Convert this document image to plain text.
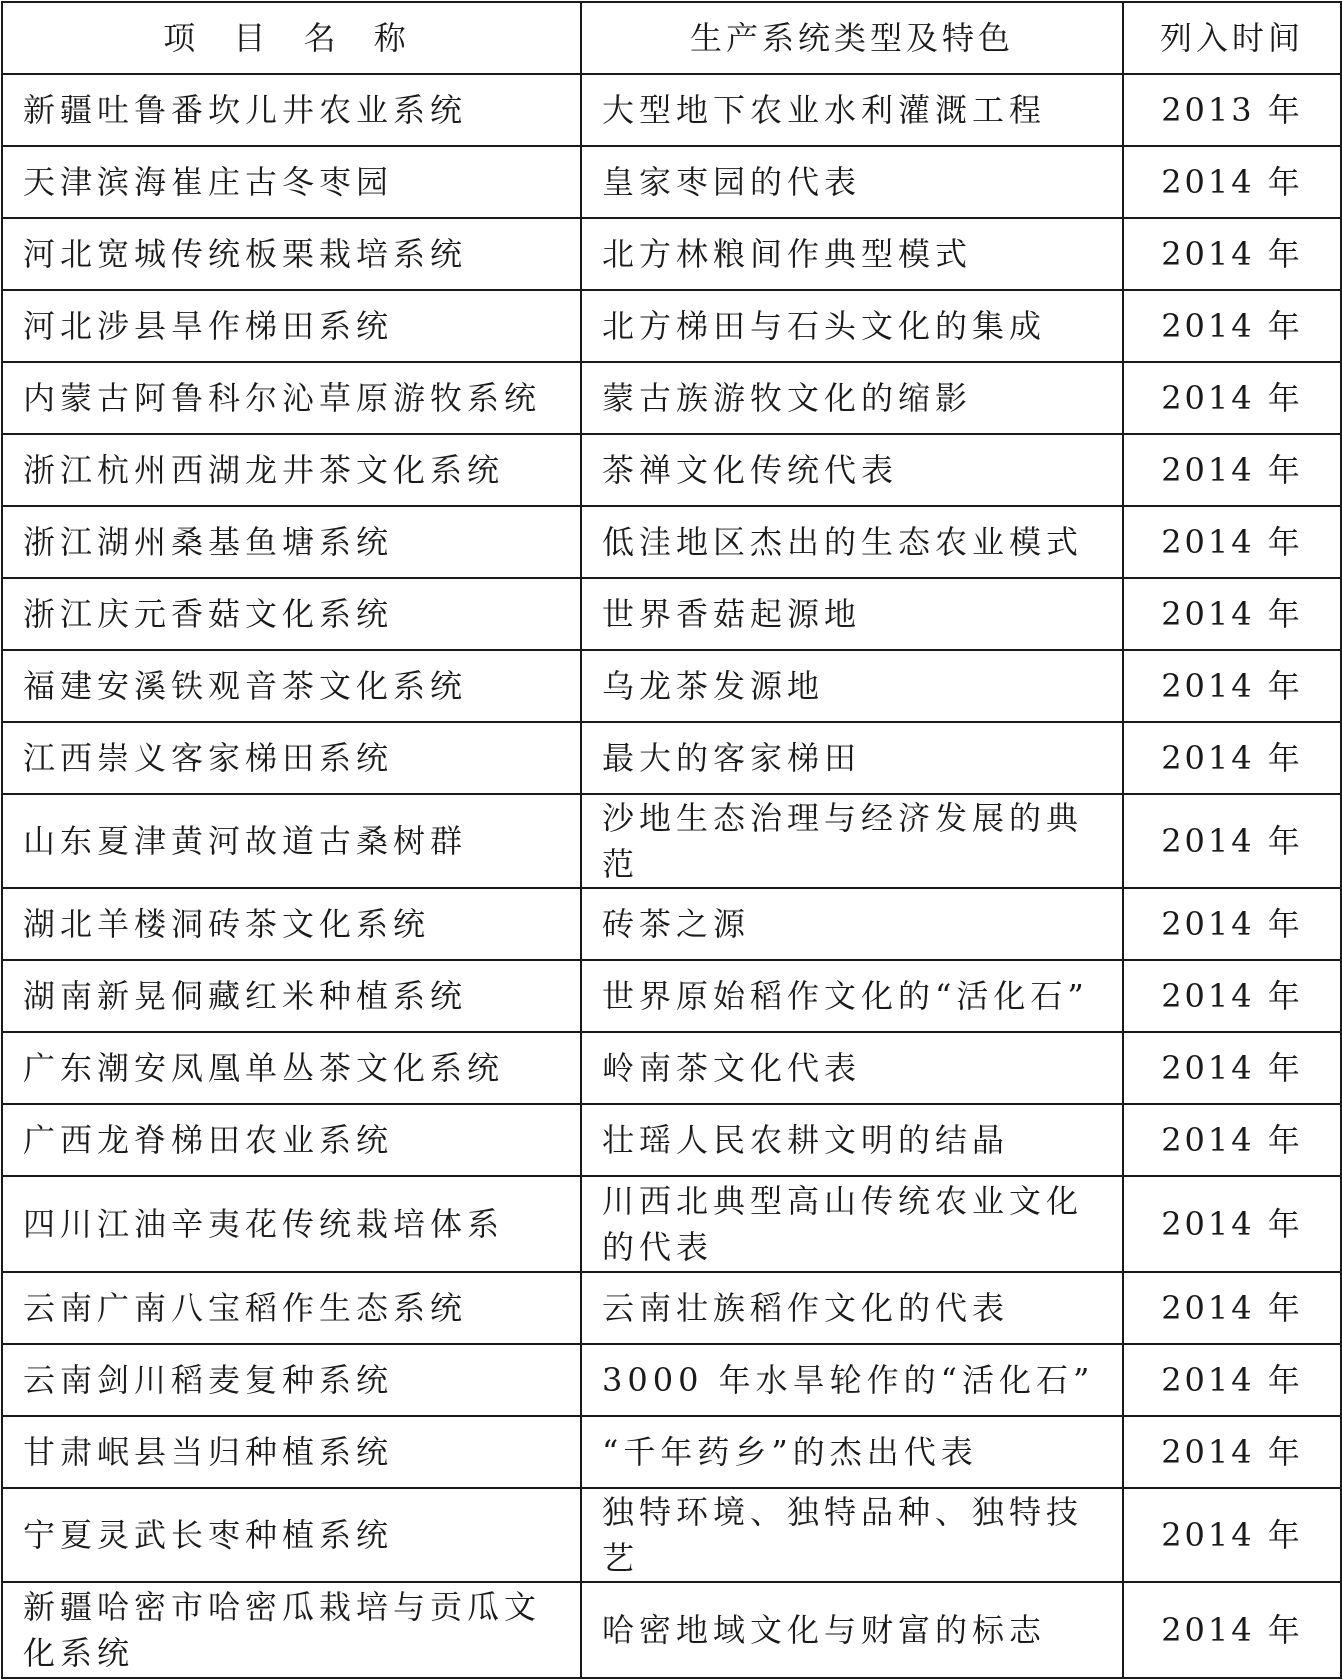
项 目 名 称	生产系统类型及特色	列入时间
新疆吐鲁番坎儿井农业系统	大型地下农业水利灌溉工程	2013 年
天津滨海崔庄古冬枣园	皇家枣园的代表	2014 年
河北宽城传统板栗栽培系统	北方林粮间作典型模式	2014 年
河北涉县旱作梯田系统	北方梯田与石头文化的集成	2014 年
内蒙古阿鲁科尔沁草原游牧系统	蒙古族游牧文化的缩影	2014 年
浙江杭州西湖龙井茶文化系统	茶禅文化传统代表	2014 年
浙江湖州桑基鱼塘系统	低洼地区杰出的生态农业模式	2014 年
浙江庆元香菇文化系统	世界香菇起源地	2014 年
福建安溪铁观音茶文化系统	乌龙茶发源地	2014 年
江西崇义客家梯田系统	最大的客家梯田	2014 年
山东夏津黄河故道古桑树群	沙地生态治理与经济发展的典范	2014 年
湖北羊楼洞砖茶文化系统	砖茶之源	2014 年
湖南新晃侗藏红米种植系统	世界原始稻作文化的“活化石”	2014 年
广东潮安凤凰单丛茶文化系统	岭南茶文化代表	2014 年
广西龙脊梯田农业系统	壮瑶人民农耕文明的结晶	2014 年
四川江油辛夷花传统栽培体系	川西北典型高山传统农业文化的代表	2014 年
云南广南八宝稻作生态系统	云南壮族稻作文化的代表	2014 年
云南剑川稻麦复种系统	3000 年水旱轮作的“活化石”	2014 年
甘肃岷县当归种植系统	“千年药乡”的杰出代表	2014 年
宁夏灵武长枣种植系统	独特环境、独特品种、独特技艺	2014 年
新疆哈密市哈密瓜栽培与贡瓜文化系统	哈密地域文化与财富的标志	2014 年
